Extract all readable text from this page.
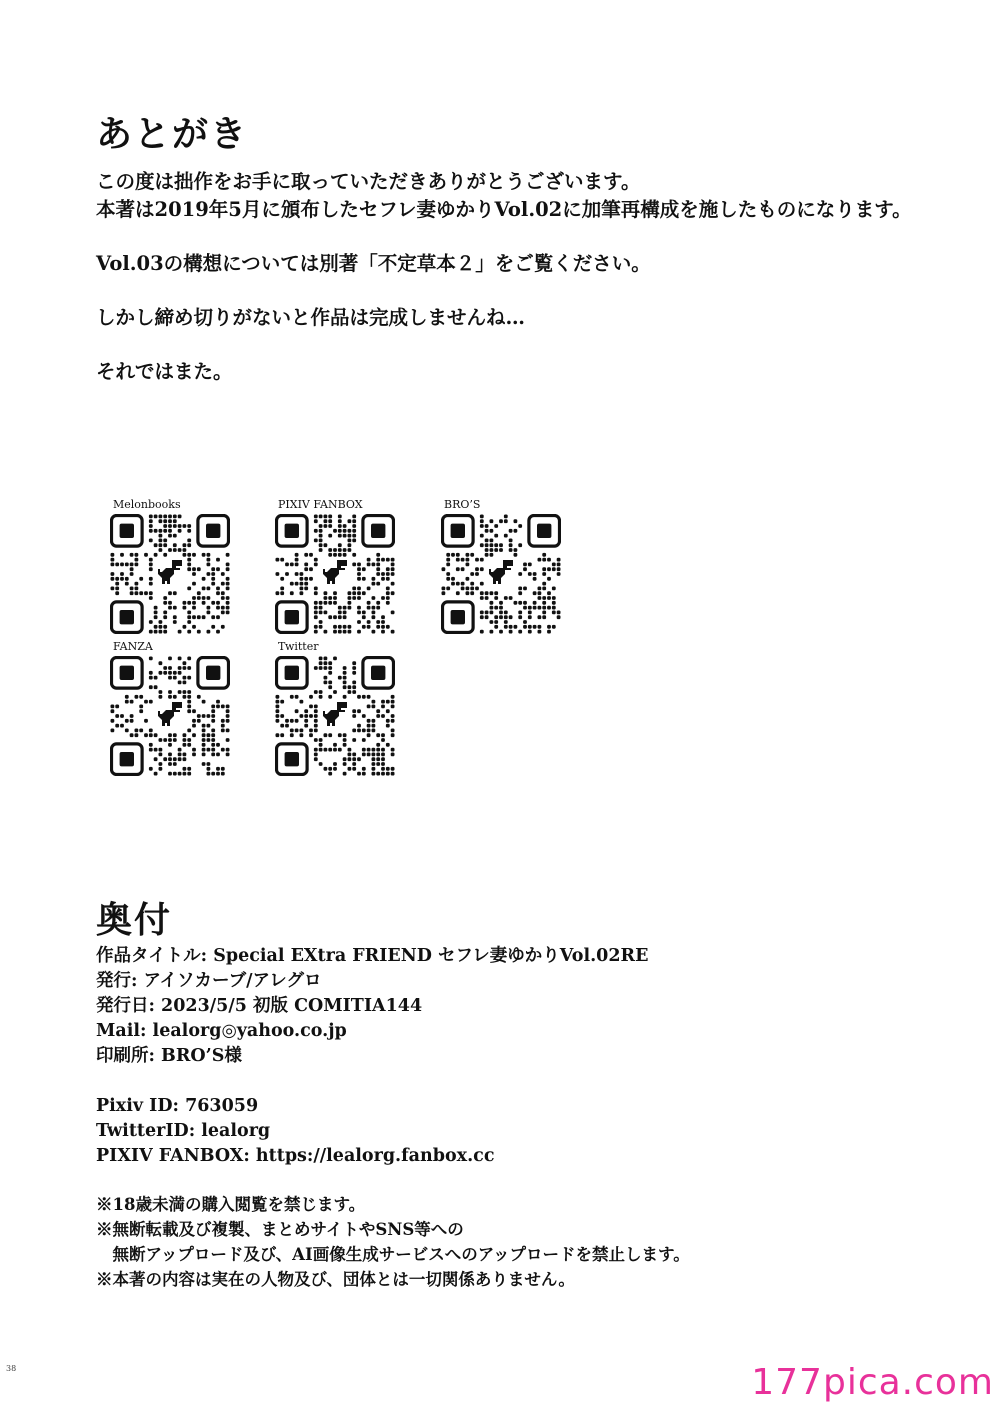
あとがき
この度は拙作をお手に取っていただきありがとうございます。
本著は2019年5月に頒布したセフレ妻ゆかりVol.02に加筆再構成を施したものになります。
Vol.03の構想については別著「不定草本２」をご覧ください。
しかし締め切りがないと作品は完成しませんね…
それではまた。
Melonbooks	PIXIV FANBOX	BRO’S
FANZA	Twitter
奥付
作品タイトル: Special EXtra FRIEND セフレ妻ゆかりVol.02RE
発行: アイソカーブ/アレグロ
発行日: 2023/5/5 初版 COMITIA144
Mail: lealorg◎yahoo.co.jp
印刷所: BRO’S様
Pixiv ID: 763059
TwitterID: lealorg
PIXIV FANBOX: https://lealorg.fanbox.cc
※18歳未満の購入閲覧を禁じます。
※無断転載及び複製、まとめサイトやSNS等への
　無断アップロード及び、AI画像生成サービスへのアップロードを禁止します。
※本著の内容は実在の人物及び、団体とは一切関係ありません。
38	177pica.com
